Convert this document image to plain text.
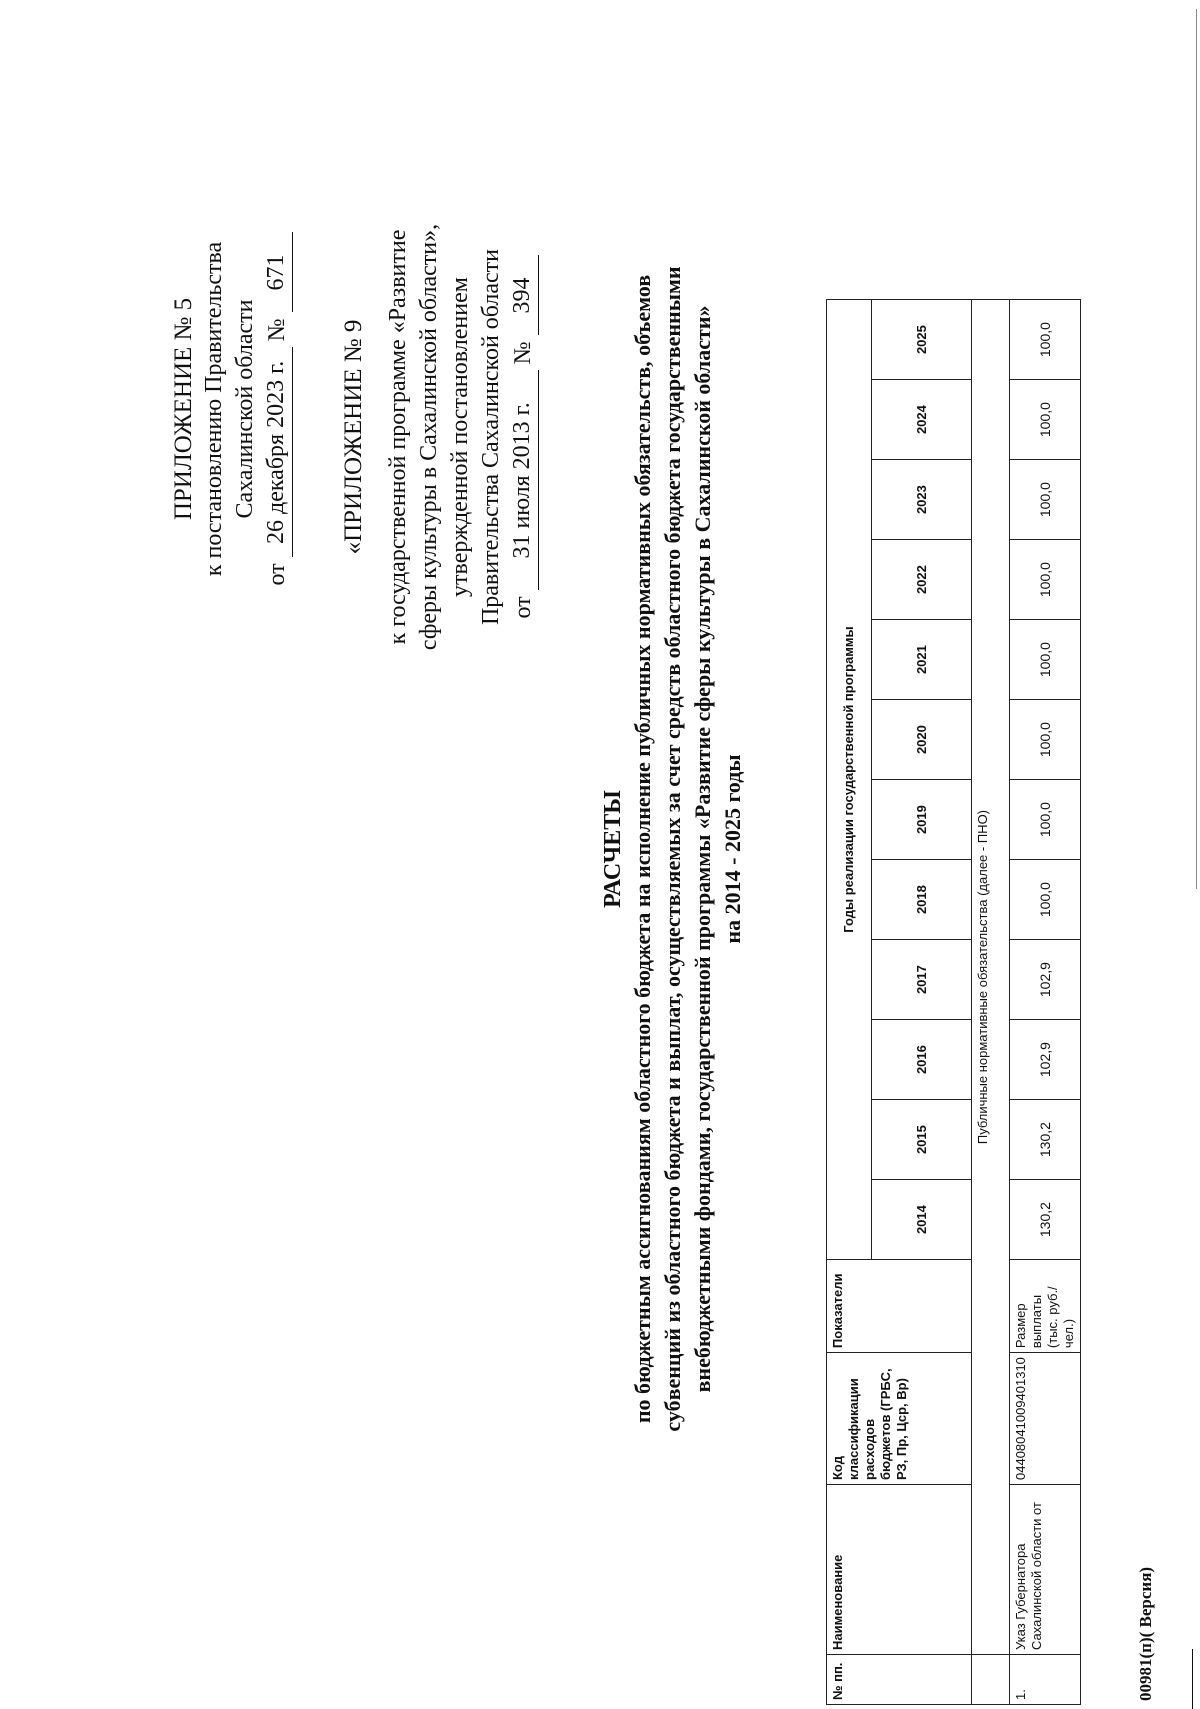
ПРИЛОЖЕНИЕ № 5 к постановлению Правительства Сахалинской области
от
26 декабря 2023 г.
№
671
«ПРИЛОЖЕНИЕ № 9 к государственной программе «Развитие сферы культуры в Сахалинской области», утвержденной постановлением Правительства Сахалинской области от
31 июля 2013 г.
№
394
РАСЧЕТЫ по бюджетным ассигнованиям областного бюджета на исполнение публичных нормативных обязательств, объемов субвенций из областного бюджета и выплат, осуществляемых за счет средств областного бюджета государственными внебюджетными фондами, государственной программы «Развитие сферы культуры в Сахалинской области» на 2014 - 2025 годы
№ пп.	Наименование	Код классификации расходов бюджетов (ГРБС, РЗ, Пр, Цср, Вр)	Показатели	Годы реализации государственной программы											
				2014	2015	2016	2017	2018	2019	2020	2021	2022	2023	2024	2025
	Публичные нормативные обязательства (далее - ПНО)														
1.	Указ Губернатора Сахалинской области от	04408041009401310	Размер выплаты (тыс. руб./чел.)	130,2	130,2	102,9	102,9	100,0	100,0	100,0	100,0	100,0	100,0	100,0	100,0
00981(п)( Версия)
